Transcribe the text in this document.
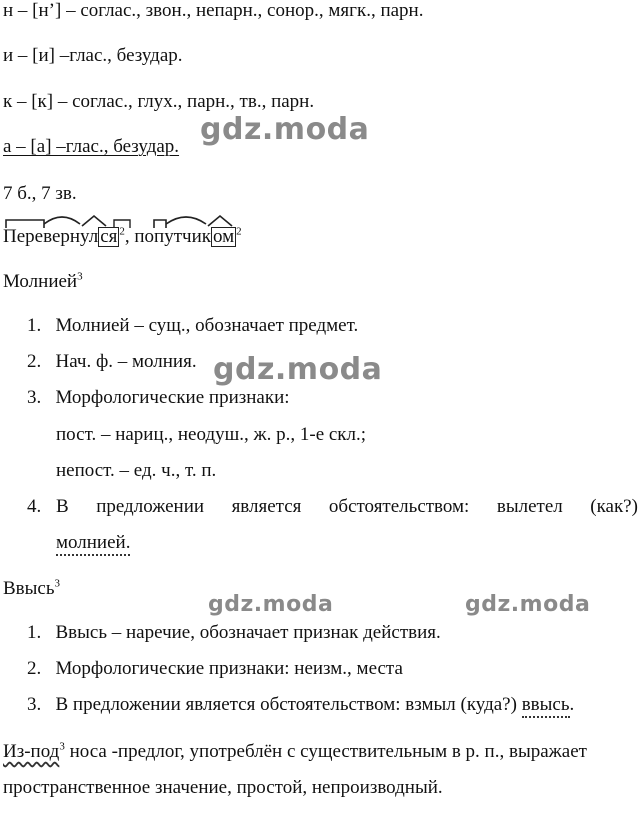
н – [н’] – соглас., звон., непарн., сонор., мягк., парн.
и – [и] –глас., безудар.
к – [к] – соглас., глух., парн., тв., парн.
а – [а] –глас., безудар.
7 б., 7 зв.
Перевернул ся $^2$, попутчик ом $^2$
Молнией$^3$
1. Молнией – сущ., обозначает предмет.
2. Нач. ф. – молния.
3. Морфологические признаки:
пост. – нариц., неодуш., ж. р., 1-е скл.;
непост. – ед. ч., т. п.
4. В предложении является обстоятельством: вылетел (как?)
молнией.
Ввысь$^3$
1. Ввысь – наречие, обозначает признак действия.
2. Морфологические признаки: неизм., места
3. В предложении является обстоятельством: взмыл (куда?) ввысь.
Из-под$^3$ носа -предлог, употреблён с существительным в р. п., выражает
пространственное значение, простой, непроизводный.
gdz.moda
gdz.moda
gdz.moda	gdz.moda
